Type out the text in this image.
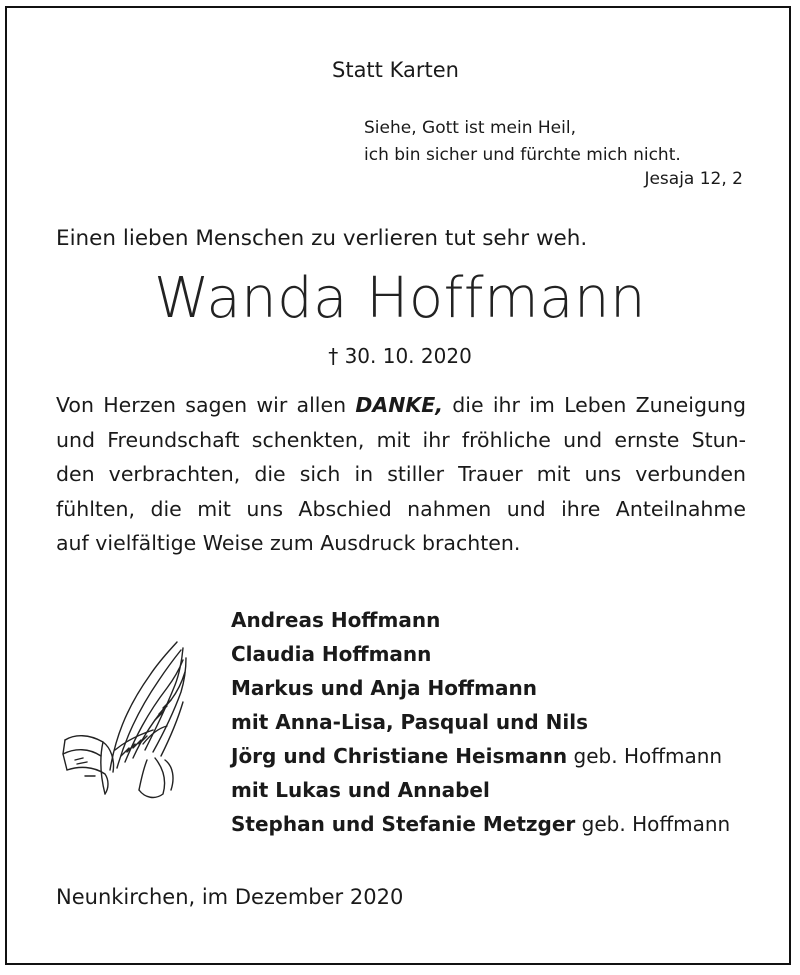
Statt Karten
Siehe, Gott ist mein Heil,
ich bin sicher und fürchte mich nicht.
Jesaja 12, 2
Einen lieben Menschen zu verlieren tut sehr weh.
Wanda Hoffmann
† 30. 10. 2020
Von Herzen sagen wir allen DANKE, die ihr im Leben Zuneigung
und Freundschaft schenkten, mit ihr fröhliche und ernste Stun-
den verbrachten, die sich in stiller Trauer mit uns verbunden
fühlten, die mit uns Abschied nahmen und ihre Anteilnahme
auf vielfältige Weise zum Ausdruck brachten.
Andreas Hoffmann
Claudia Hoffmann
Markus und Anja Hoffmann
mit Anna-Lisa, Pasqual und Nils
Jörg und Christiane Heismann geb. Hoffmann
mit Lukas und Annabel
Stephan und Stefanie Metzger geb. Hoffmann
Neunkirchen, im Dezember 2020
